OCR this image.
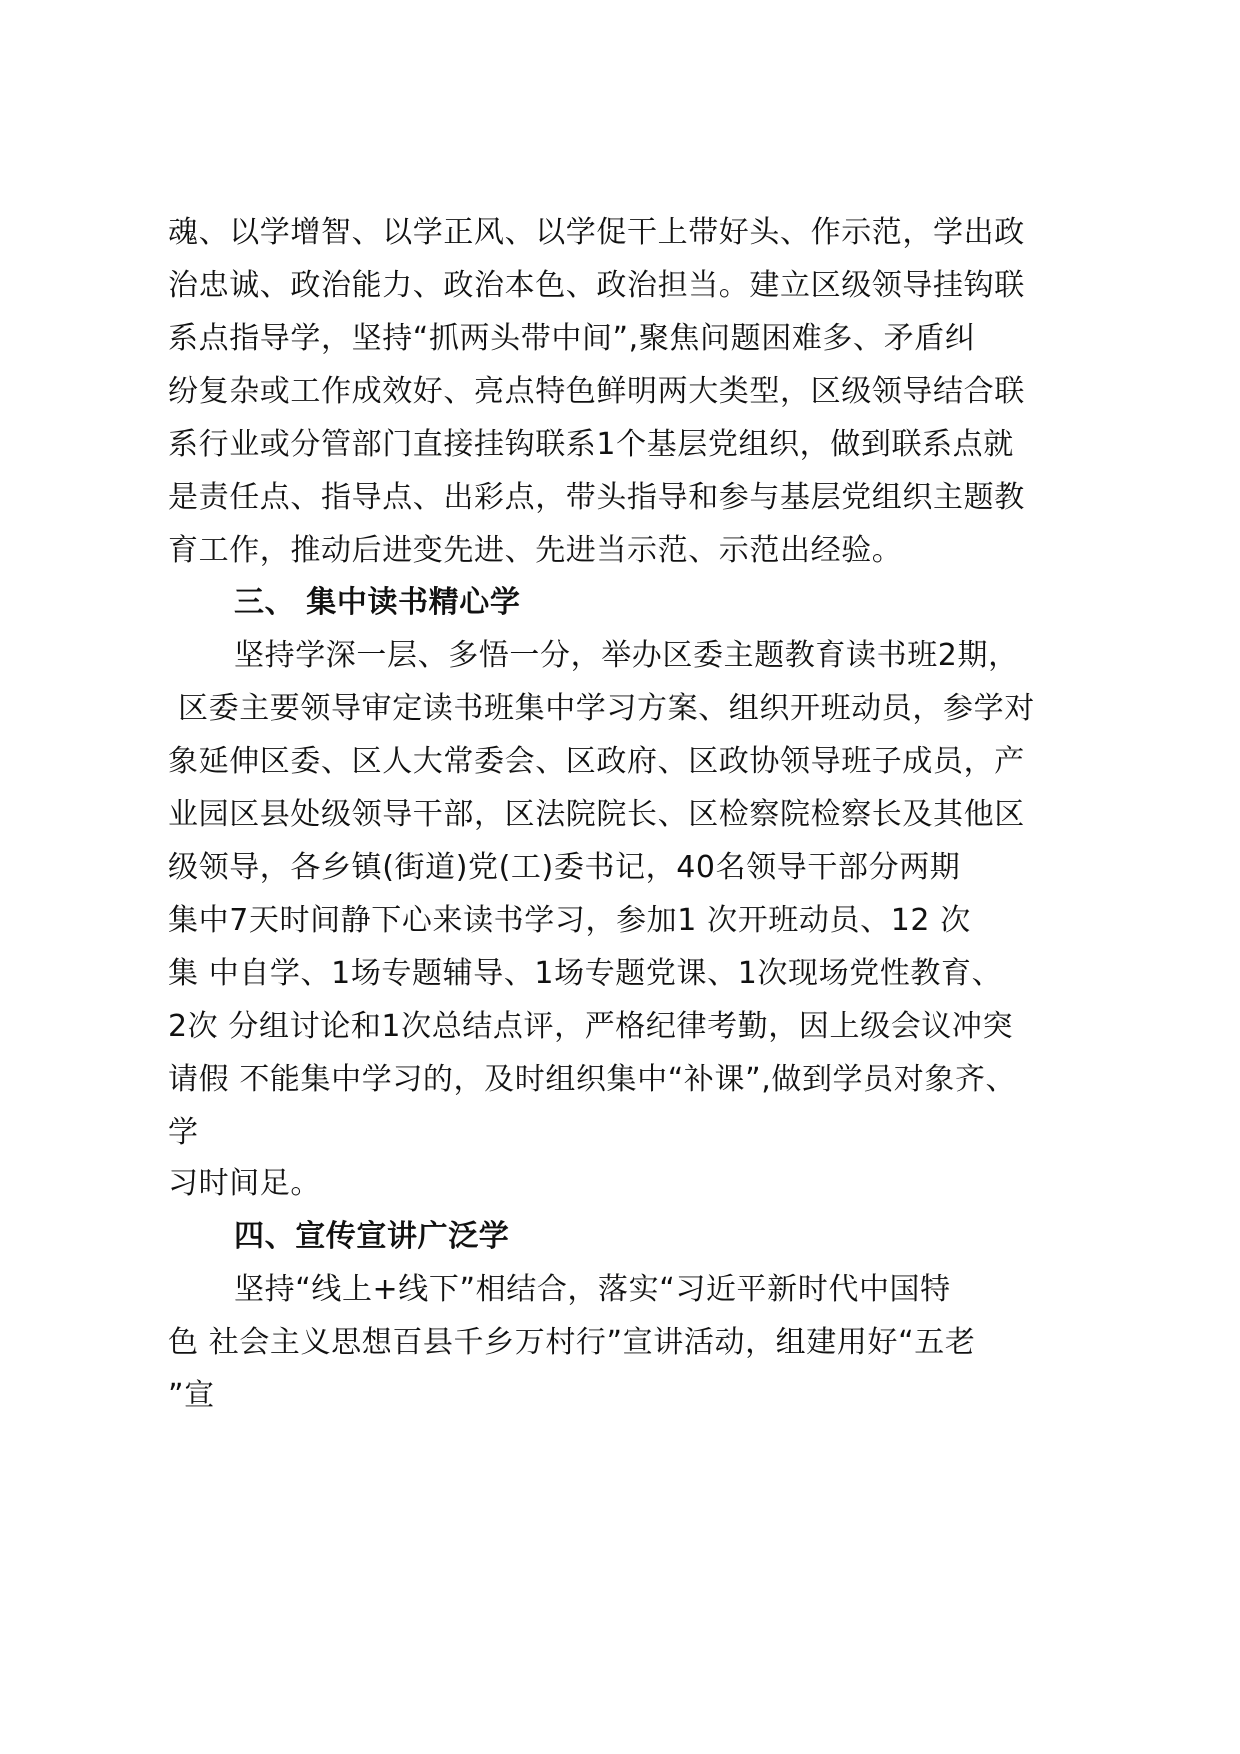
魂、以学增智、以学正风、以学促干上带好头、作示范，学出政
治忠诚、政治能力、政治本色、政治担当。建立区级领导挂钩联
系点指导学，坚持“抓两头带中间”,聚焦问题困难多、矛盾纠
纷复杂或工作成效好、亮点特色鲜明两大类型，区级领导结合联
系行业或分管部门直接挂钩联系1个基层党组织，做到联系点就
是责任点、指导点、出彩点，带头指导和参与基层党组织主题教
育工作，推动后进变先进、先进当示范、示范出经验。
三、 集中读书精心学
坚持学深一层、多悟一分，举办区委主题教育读书班2期，
区委主要领导审定读书班集中学习方案、组织开班动员，参学对
象延伸区委、区人大常委会、区政府、区政协领导班子成员，产
业园区县处级领导干部，区法院院长、区检察院检察长及其他区
级领导，各乡镇(街道)党(工)委书记，40名领导干部分两期
集中7天时间静下心来读书学习，参加1 次开班动员、12 次
集 中自学、1场专题辅导、1场专题党课、1次现场党性教育、
2次 分组讨论和1次总结点评，严格纪律考勤，因上级会议冲突
请假 不能集中学习的，及时组织集中“补课”,做到学员对象齐、
学
习时间足。
四、宣传宣讲广泛学
坚持“线上+线下”相结合，落实“习近平新时代中国特
色 社会主义思想百县千乡万村行”宣讲活动，组建用好“五老
”宣
